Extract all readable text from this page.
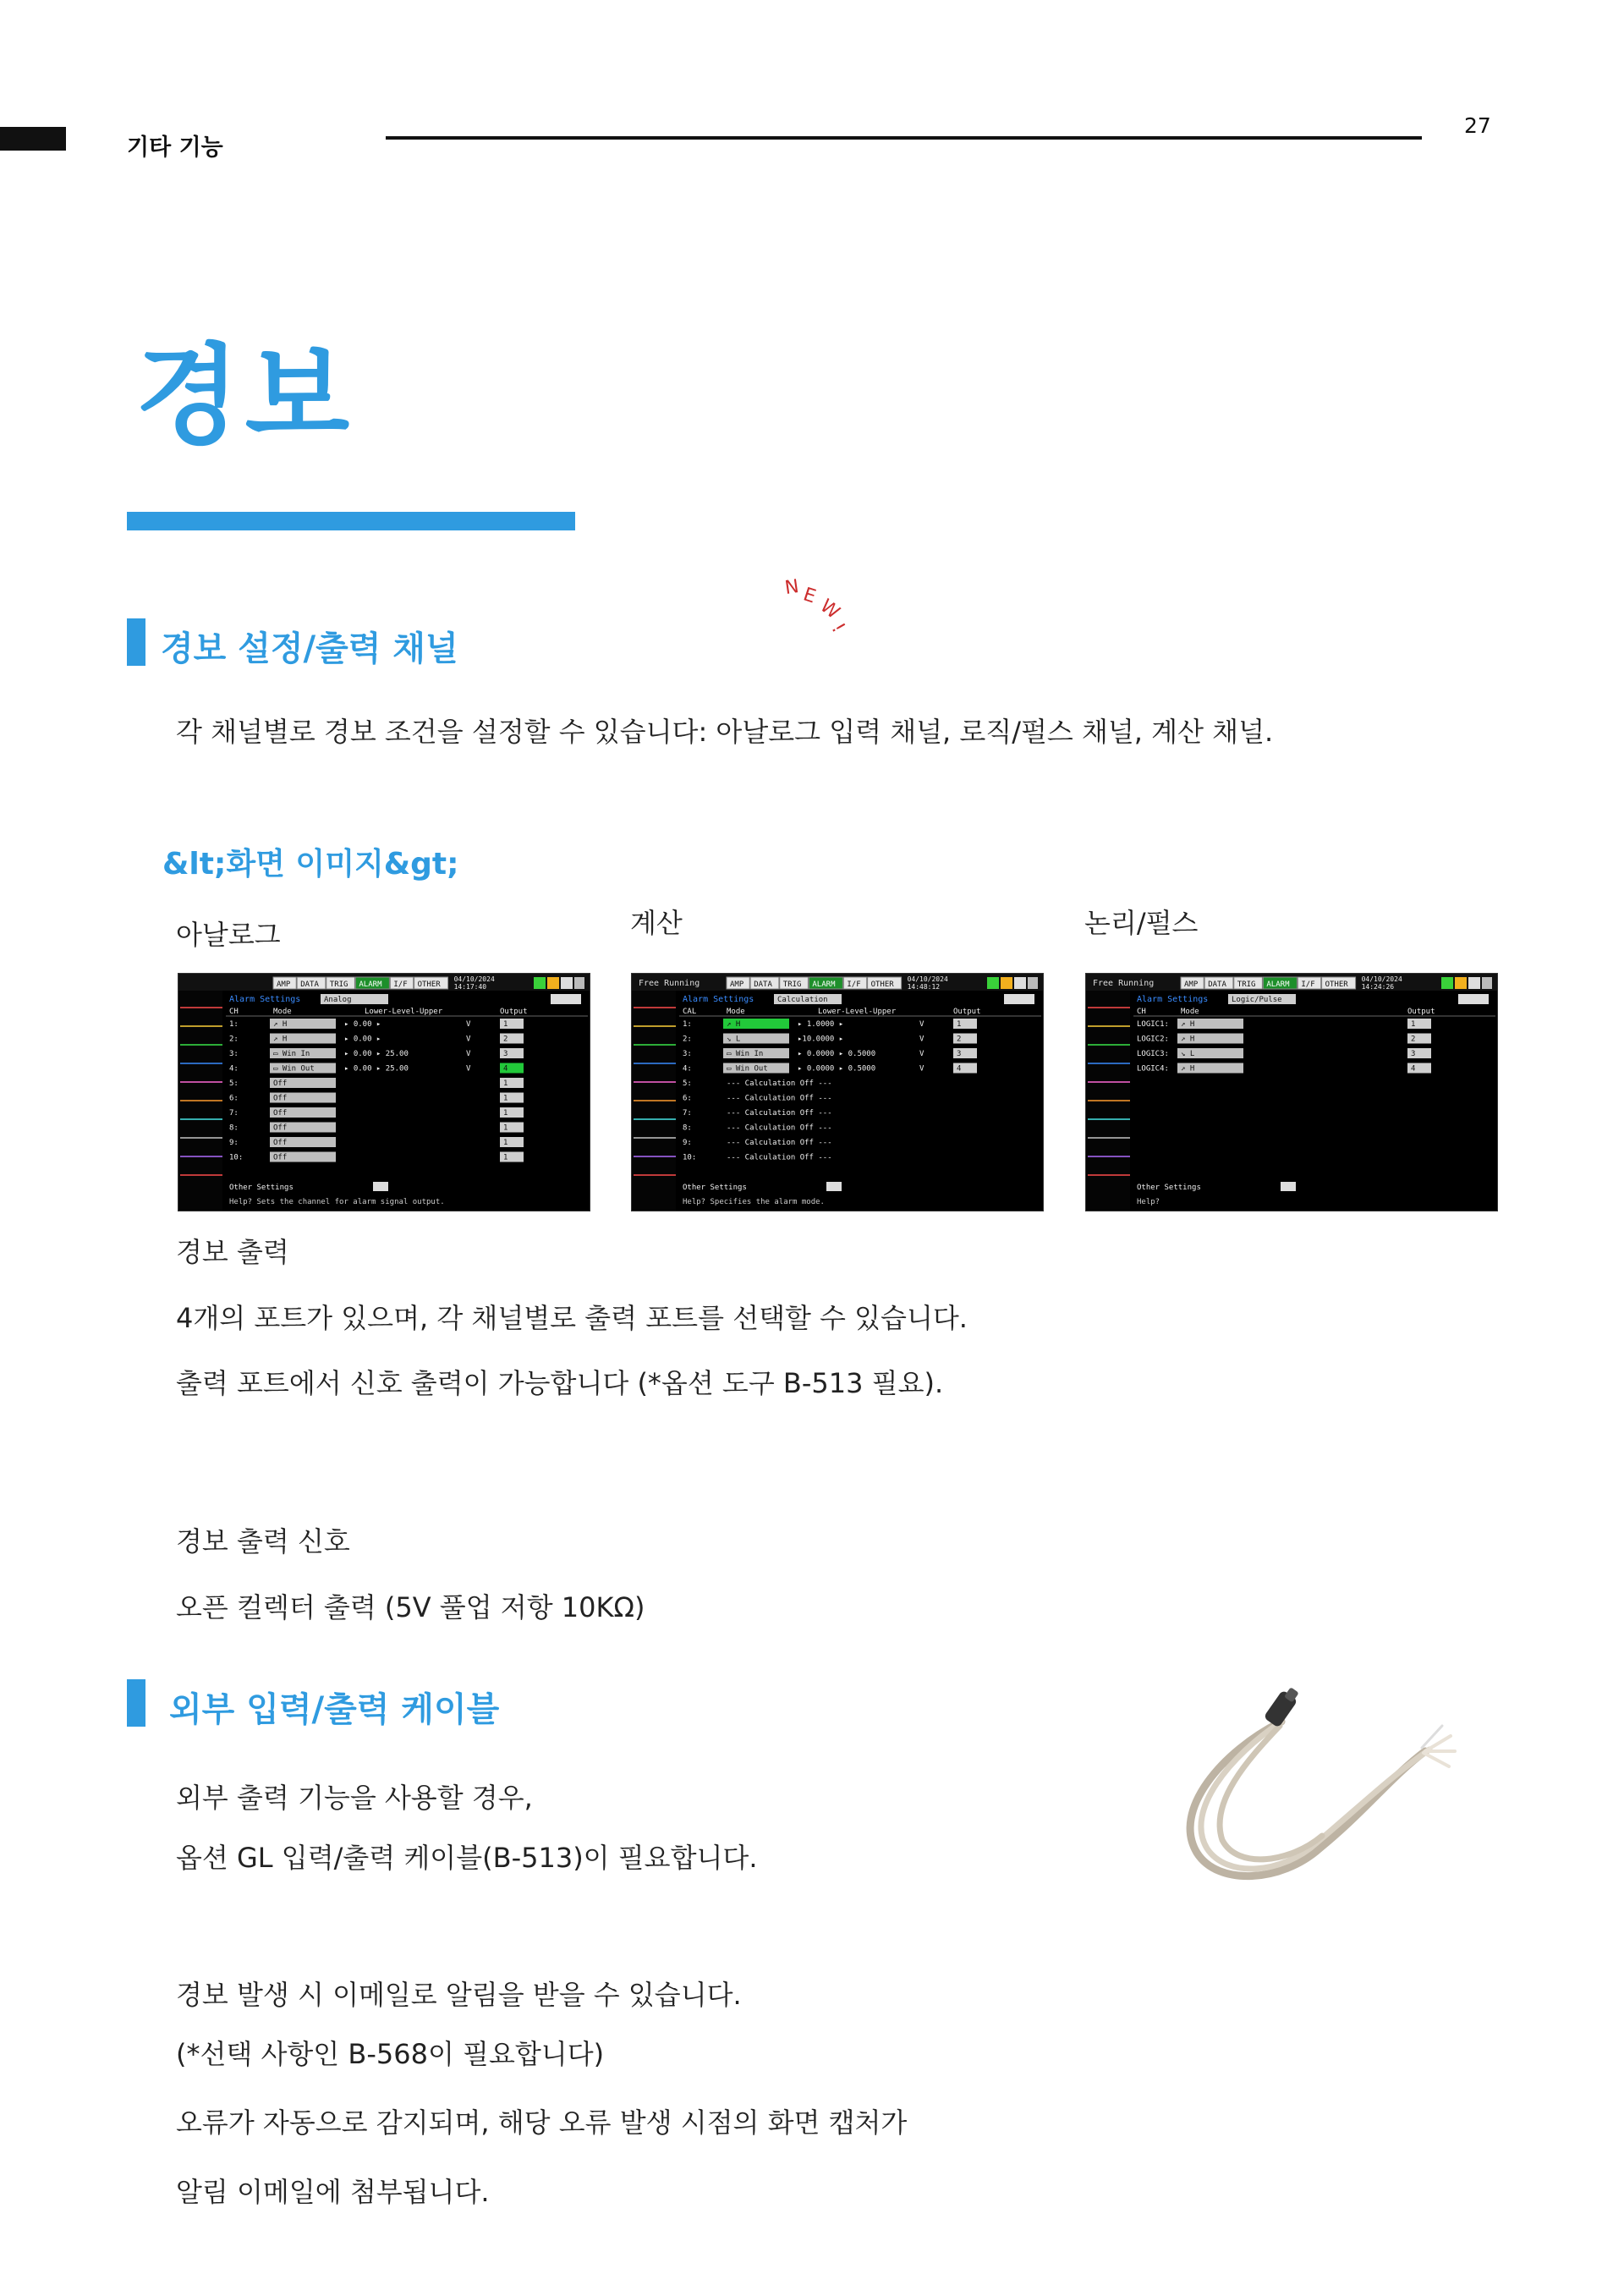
기타 기능
27
경보
N E
W
!
경보 설정/출력 채널
각 채널별로 경보 조건을 설정할 수 있습니다: 아날로그 입력 채널, 로직/펄스 채널, 계산 채널.
&lt;화면 이미지&gt;
아날로그	계산	논리/펄스
AMP DATA TRIG ALARM I/F OTHER
04/10/2024
14:17:40
Alarm Settings	Analog
CH	Mode	Lower-Level-Upper	Output
1:	↗ H	▸ 0.00 ▸	V	1
2:	↗ H	▸ 0.00 ▸	V	2
3:	▭ Win In	▸ 0.00 ▸ 25.00	V	3
4:	▭ Win Out	▸ 0.00 ▸ 25.00	V	4
5:	Off	1
6:	Off	1
7:	Off	1
8:	Off	1
9:	Off	1
10:	Off	1
Other Settings
Help? Sets the channel for alarm signal output.
Free Running	AMP DATA TRIG ALARM I/F OTHER
04/10/2024
14:48:12
Alarm Settings	Calculation
CAL	Mode	Lower-Level-Upper	Output
1:	↗ H	▸ 1.0000 ▸	V	1
2:	↘ L	▸10.0000 ▸	V	2
3:	▭ Win In	▸ 0.0000 ▸ 0.5000	V	3
4:	▭ Win Out	▸ 0.0000 ▸ 0.5000	V	4
5:	--- Calculation Off ---
6:	--- Calculation Off ---
7:	--- Calculation Off ---
8:	--- Calculation Off ---
9:	--- Calculation Off ---
10:	--- Calculation Off ---
Other Settings
Help? Specifies the alarm mode.
Free Running	AMP DATA TRIG ALARM I/F OTHER
04/10/2024
14:24:26
Alarm Settings	Logic/Pulse
CH	Mode	Output
LOGIC1: ↗ H	1
LOGIC2: ↗ H	2
LOGIC3: ↘ L	3
LOGIC4: ↗ H	4
Other Settings
Help?
경보 출력
4개의 포트가 있으며, 각 채널별로 출력 포트를 선택할 수 있습니다.
출력 포트에서 신호 출력이 가능합니다 (*옵션 도구 B-513 필요).
경보 출력 신호
오픈 컬렉터 출력 (5V 풀업 저항 10KΩ)
외부 입력/출력 케이블
외부 출력 기능을 사용할 경우,
옵션 GL 입력/출력 케이블(B-513)이 필요합니다.
경보 발생 시 이메일로 알림을 받을 수 있습니다.
(*선택 사항인 B-568이 필요합니다)
오류가 자동으로 감지되며, 해당 오류 발생 시점의 화면 캡처가
알림 이메일에 첨부됩니다.
